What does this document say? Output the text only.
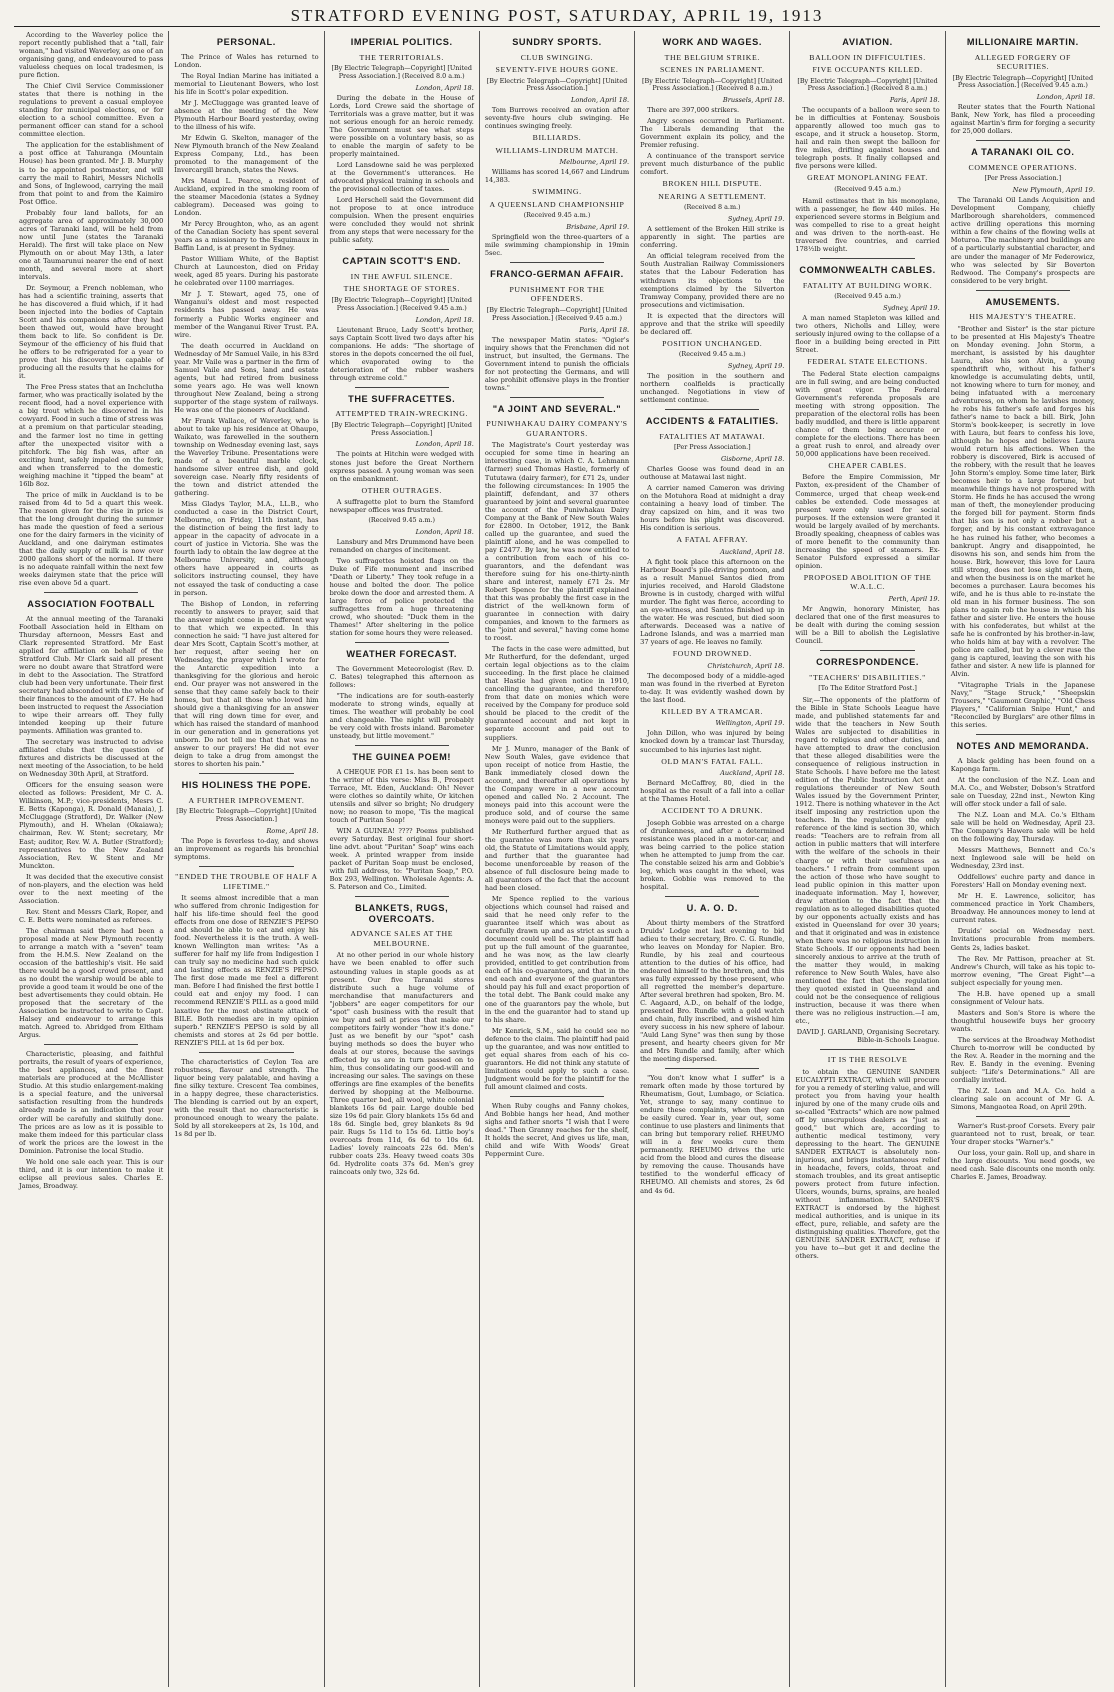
STRATFORD EVENING POST, SATURDAY, APRIL 19, 1913

According to the Waverley police the report recently published that a "tall, fair woman," had visited Waverley, as one of an organising gang, and endeavoured to pass valueless cheques on local tradesmen, is pure fiction.

The Chief Civil Service Commissioner states that there is nothing in the regulations to prevent a casual employee standing for municipal elections, or for election to a school committee. Even a permanent officer can stand for a school committee election.

The application for the establishment of a post office at Tahuranga (Mountain House) has been granted. Mr J. B. Murphy is to be appointed postmaster, and will carry the mail to Rahiri, Messrs Nicholls and Sons, of Inglewood, carrying the mail from that point to and from the Kaimiro Post Office.

Probably four land ballots, for an aggregate area of approximately 30,000 acres of Taranaki land, will be held from now until June (states the Taranaki Herald). The first will take place on New Plymouth on or about May 13th, a later one at Taumarunui nearer the end of next month, and several more at short intervals.

Dr. Seymour, a French nobleman, who has had a scientific training, asserts that he has discovered a fluid which, if it had been injected into the bodies of Captain Scott and his companions after they had been thawed out, would have brought them back to life. So confident is Dr. Seymour of the efficiency of his fluid that he offers to be refrigerated for a year to prove that his discovery is capable of producing all the results that he claims for it.

The Free Press states that an Inchclutha farmer, who was practically isolated by the recent flood, had a novel experience with a big trout which he discovered in his cowyard. Food in such a time of stress was at a premium on that particular steading, and the farmer lost no time in getting after the unexpected visitor with a pitchfork. The big fish was, after an exciting hunt, safely impaled on the fork, and when transferred to the domestic weighing machine it "tipped the beam" at 16lb 8oz.

The price of milk in Auckland is to be raised from 4d to 5d a quart this week. The reason given for the rise in price is that the long drought during the summer has made the question of feed a serious one for the dairy farmers in the vicinity of Auckland, and one dairyman estimates that the daily supply of milk is now over 2000 gallons short of the normal. If there is no adequate rainfall within the next few weeks dairymen state that the price will rise even above 5d a quart.

ASSOCIATION FOOTBALL

At the annual meeting of the Taranaki Football Association held in Eltham on Thursday afternoon, Messrs East and Clark represented Stratford. Mr East applied for affiliation on behalf of the Stratford Club. Mr Clark said all present were no doubt aware that Stratford were in debt to the Association. The Stratford club had been very unfortunate. Their first secretary had absconded with the whole of their finances to the amount of £7. He had been instructed to request the Association to wipe their arrears off. They fully intended keeping up their future payments. Affiliation was granted to.

The secretary was instructed to advise affiliated clubs that the question of fixtures and districts be discussed at the next meeting of the Association, to be held on Wednesday 30th April, at Stratford.

Officers for the ensuing season were elected as follows: President, Mr C. A. Wilkinson, M.P.; vice-presidents, Mesrs C. E. Betts (Kaponga), R. Donald (Manaia), J. McCluggage (Stratford), Dr. Walker (New Plymouth), and H. Whelan (Okaiawa); chairman, Rev. W. Stent; secretary, Mr East; auditor, Rev. W. A. Butler (Stratford); representatives to the New Zealand Association, Rev. W. Stent and Mr Munckton.

It was decided that the executive consist of non-players, and the election was held over to the next meeting of the Association.

Rev. Stent and Messrs Clark, Roper, and C. E. Betts were nominated as referees.

The chairman said there had been a proposal made at New Plymouth recently to arrange a match with a "seven" team from the H.M.S. New Zealand on the occasion of the battleship's visit. He said there would be a good crowd present, and as no doubt the warship would be able to provide a good team it would be one of the best advertisements they could obtain. He proposed that the secretary of the Association be instructed to write to Capt. Halsey and endeavour to arrange this match. Agreed to. Abridged from Eltham Argus.

Characteristic, pleasing, and faithful portraits, the result of years of experience, the best appliances, and the finest materials are produced at the McAllister Studio. At this studio enlargement-making is a special feature, and the universal satisfaction resulting from the hundreds already made is an indication that your order will be carefully and skilfully done. The prices are as low as it is possible to make them indeed for this particular class of work the prices are the lowest in the Dominion. Patronise the local Studio.

We hold one sale each year. This is our third, and it is our intention to make it eclipse all previous sales. Charles E. James, Broadway.

PERSONAL.

The Prince of Wales has returned to London.

The Royal Indian Marine has initiated a memorial to Lieutenant Bowers, who lost his life in Scott's polar expedition.

Mr J. McCluggage was granted leave of absence at the meeting of the New Plymouth Harbour Board yesterday, owing to the illness of his wife.

Mr Edwin G. Skelton, manager of the New Plymouth branch of the New Zealand Express Company, Ltd., has been promoted to the management of the Invercargill branch, states the News.

Mrs Maud L. Pearce, a resident of Auckland, expired in the smoking room of the steamer Macedonia (states a Sydney cablegram). Deceased was going to London.

Mr Percy Broughton, who, as an agent of the Canadian Society has spent several years as a missionary to the Esquimaux in Baffin Land, is at present in Sydney.

Pastor William White, of the Baptist Church at Launceston, died on Friday week, aged 85 years. During his pastorate he celebrated over 1100 marriages.

Mr J. T. Stewart, aged 75, one of Wanganui's oldest and most respected residents has passed away. He was formerly a Public Works engineer and member of the Wanganui River Trust. P.A. wire.

The death occurred in Auckland on Wednesday of Mr Samuel Vaile, in his 83rd year. Mr Vaile was a partner in the firm of Samuel Vaile and Sons, land and estate agents, but had retired from business some years ago. He was well known throughout New Zealand, being a strong supporter of the stage system of railways. He was one of the pioneers of Auckland.

Mr Frank Wallace, of Waverley, who is about to take up his residence at Ohaupo, Waikato, was farewelled in the southern township on Wednesday evening last, says the Waverley Tribune. Presentations were made of a beautiful marble clock, handsome silver entree dish, and gold sovereign case. Nearly fifty residents of the town and district attended the gathering.

Miss Gladys Taylor, M.A., LL.B., who conducted a case in the District Court, Melbourne, on Friday, 11th instant, has the distinction of being the first lady to appear in the capacity of advocate in a court of justice in Victoria. She was the fourth lady to obtain the law degree at the Melbourne University, and, although others have appeared in courts as solicitors instructing counsel, they have not essayed the task of conducting a case in person.

The Bishop of London, in referring recently to answers to prayer, said that the answer might come in a different way to that which we expected. In this connection he said: "I have just altered for dear Mrs Scott, Captain Scott's mother, at her request, after seeing her on Wednesday, the prayer which I wrote for the Antarctic expedition into a thanksgiving for the glorious and heroic end. Our prayer was not answered in the sense that they came safely back to their homes, but that all those who loved him should give a thanksgiving for an answer that will ring down time for ever, and which has raised the standard of manhood in our generation and in generations yet unborn. Do not tell me that that was no answer to our prayers! He did not ever deign to take a drug from amongst the stores to shorten his pain."

HIS HOLINESS THE POPE.
A FURTHER IMPROVEMENT.
[By Electric Telegraph—Copyright] [United Press Association.]
Rome, April 18.

The Pope is feverless to-day, and shows an improvement as regards his bronchial symptoms.

"ENDED THE TROUBLE OF HALF A LIFETIME."

It seems almost incredible that a man who suffered from chronic Indigestion for half his life-time should feel the good effects from one dose of RENZIE'S PEPSO and should be able to eat and enjoy his food. Nevertheless it is the truth. A well-known Wellington man writes: "As a sufferer for half my life from Indigestion I can truly say no medicine had such quick and lasting effects as RENZIE'S PEPSO. The first dose made me feel a different man. Before I had finished the first bottle I could eat and enjoy my food. I can recommend RENZIE'S PILL as a good mild laxative for the most obstinate attack of BILE. Both remedies are in my opinion superb." RENZIE'S PEPSO is sold by all chemists and stores at 2s 6d per bottle. RENZIE'S PILL at 1s 6d per box.

The characteristics of Ceylon Tea are robustness, flavour and strength. The liquor being very palatable, and having a fine silky texture. Crescent Tea combines, in a happy degree, these characteristics. The blending is carried out by an expert, with the result that no characteristic is pronounced enough to weary the palate. Sold by all storekeepers at 2s, 1s 10d, and 1s 8d per lb.

IMPERIAL POLITICS.
THE TERRITORIALS.
[By Electric Telegraph—Copyright] [United Press Association.] (Received 8.0 a.m.)
London, April 18.

During the debate in the House of Lords, Lord Crewe said the shortage of Territorials was a grave matter, but it was not serious enough for an heroic remedy. The Government must see what steps were possible on a voluntary basis, so as to enable the margin of safety to be properly maintained.

Lord Lansdowne said he was perplexed at the Government's utterances. He advocated physical training in schools and the provisional collection of taxes.

Lord Herschell said the Government did not propose to at once introduce compulsion. When the present enquiries were concluded they would not shrink from any steps that were necessary for the public safety.

CAPTAIN SCOTT'S END.
IN THE AWFUL SILENCE.
THE SHORTAGE OF STORES.
[By Electric Telegraph—Copyright] [United Press Association.] (Received 9.45 a.m.)
London, April 18.

Lieutenant Bruce, Lady Scott's brother, says Captain Scott lived two days after his companions. He adds: "The shortage of stores in the depots concerned the oil fuel, which evaporated owing to the deterioration of the rubber washers through extreme cold."

THE SUFFRACETTES.
ATTEMPTED TRAIN-WRECKING.
[By Electric Telegraph—Copyright] [United Press Association.]
London, April 18.

The points at Hitchin were wedged with stones just before the Great Northern express passed. A young woman was seen on the embankment.

OTHER OUTRAGES.

A suffragette plot to burn the Stamford newspaper offices was frustrated.

(Received 9.45 a.m.)
London, April 18.

Lansbury and Mrs Drummond have been remanded on charges of incitement.

Two suffragettes hoisted flags on the Duke of Fife monument and inscribed "Death or Liberty." They took refuge in a house and bolted the door. The police broke down the door and arrested them. A large force of police protected the suffragettes from a huge threatening crowd, who shouted: "Duck them in the Thames!" After sheltering in the police station for some hours they were released.

WEATHER FORECAST.

The Government Meteorologist (Rev. D. C. Bates) telegraphed this afternoon as follows:

"The indications are for south-easterly moderate to strong winds, equally at times. The weather will probably be cool and changeable. The night will probably be very cold with frosts inland. Barometer unsteady, but little movement."

THE GUINEA POEM!

A CHEQUE FOR £1 1s. has been sent to the writer of this verse: Miss B., Prospect Terrace, Mt. Eden, Auckland: Oh! Never were clothes so daintily white, Or kitchen utensils and silver so bright; No drudgery now; no reason to mope, 'Tis the magical touch of Puritan Soap!

WIN A GUINEA! ???? Poems published every Saturday. Best original four short-line advt. about "Puritan" Soap" wins each week. A printed wrapper from inside packet of Puritan Soap must be enclosed, with full address, to: "Puritan Soap," P.O. Box 293, Wellington. Wholesale Agents: A. S. Paterson and Co., Limited.

BLANKETS, RUGS, OVERCOATS.
ADVANCE SALES AT THE MELBOURNE.

At no other period in our whole history have we been enabled to offer such astounding values in staple goods as at present. Our five Taranaki stores distribute such a huge volume of merchandise that manufacturers and "jobbers" are eager competitors for our "spot" cash business with the result that we buy and sell at prices that make our competitors fairly wonder "how it's done." Just as we benefit by our "spot" cash buying methods so does the buyer who deals at our stores, because the savings effected by us are in turn passed on to him, thus consolidating our good-will and increasing our sales. The savings on these offerings are fine examples of the benefits derived by shopping at the Melbourne. Three quarter bed, all wool, white colonial blankets 16s 6d pair. Large double bed size 19s 6d pair. Glory blankets 15s 6d and 18s 6d. Single bed, grey blankets 8s 9d pair. Rugs 5s 11d to 15s 6d. Little boy's overcoats from 11d, 6s 6d to 10s 6d. Ladies' lovely raincoats 22s 6d. Men's rubber coats 23s. Heavy tweed coats 30s 6d. Hydrolite coats 37s 6d. Men's grey raincoats only two, 32s 6d.

SUNDRY SPORTS.
CLUB SWINGING.
SEVENTY-FIVE HOURS GONE.
[By Electric Telegraph—Copyright] [United Press Association.]
London, April 18.

Tom Burrows received an ovation after seventy-five hours club swinging. He continues swinging freely.

BILLIARDS.
WILLIAMS-LINDRUM MATCH.
Melbourne, April 19.

Williams has scored 14,667 and Lindrum 14,383.

SWIMMING.
A QUEENSLAND CHAMPIONSHIP
(Received 9.45 a.m.)
Brisbane, April 19.

Springfield won the three-quarters of a mile swimming championship in 19min 5sec.

FRANCO-GERMAN AFFAIR.
PUNISHMENT FOR THE OFFENDERS.
[By Electric Telegraph—Copyright] [United Press Association.] (Received 9.45 a.m.)
Paris, April 18.

The newspaper Matin states: "Ogier's inquiry shows that the Frenchmen did not instruct, but insulted, the Germans. The Government intend to punish the officials for not protecting the Germans, and will also prohibit offensive plays in the frontier towns."

"A JOINT AND SEVERAL."
PUNIWHAKAU DAIRY COMPANY'S GUARANTORS.

The Magistrate's Court yesterday was occupied for some time in hearing an interesting case, in which C. A. Lehmann (farmer) sued Thomas Hastie, formerly of Tututawa (dairy farmer), for £71 2s, under the following circumstances: In 1905 the plaintiff, defendant, and 37 others guaranteed by joint and several guarantee the account of the Puniwhakau Dairy Company at the Bank of New South Wales for £2800. In October, 1912, the Bank called up the guarantee, and sued the plaintiff alone, and he was compelled to pay £2477. By law, he was now entitled to a contribution from each of his co-guarantors, and the defendant was therefore suing for his one-thirty-ninth share and interest, namely £71 2s. Mr Robert Spence for the plaintiff explained that this was probably the first case in the district of the well-known form of guarantee in connection with dairy companies, and known to the farmers as the "joint and several," having come home to roost.

The facts in the case were admitted, but Mr Rutherfurd, for the defendant, urged certain legal objections as to the claim succeeding. In the first place he claimed that Hastie had given notice in 1910, cancelling the guarantee, and therefore from that date on monies which were received by the Company for produce sold should be placed to the credit of the guaranteed account and not kept in separate account and paid out to suppliers.

Mr J. Munro, manager of the Bank of New South Wales, gave evidence that upon receipt of notice from Hastie, the Bank immediately closed down the account, and thereafter all operations by the Company were in a new account opened and called No. 2 Account. The moneys paid into this account were the produce sold, and of course the same moneys were paid out to the suppliers.

Mr Rutherfurd further argued that as the guarantee was more than six years old, the Statute of Limitations would apply, and further that the guarantee had become unenforceable by reason of the absence of full disclosure being made to all guarantors of the fact that the account had been closed.

Mr Spence replied to the various objections which counsel had raised and said that he need only refer to the guarantee itself which was about as carefully drawn up and as strict as such a document could well be. The plaintiff had put up the full amount of the guarantee, and he was now, as the law clearly provided, entitled to get contribution from each of his co-guarantors, and that in the end each and everyone of the guarantors should pay his full and exact proportion of the total debt. The Bank could make any one of the guarantors pay the whole, but in the end the guarantor had to stand up to his share.

Mr Kenrick, S.M., said he could see no defence to the claim. The plaintiff had paid up the guarantee, and was now entitled to get equal shares from each of his co-guarantors. He did not think any statute of limitations could apply to such a case. Judgment would be for the plaintiff for the full amount claimed and costs.

When Ruby coughs and Fanny chokes, And Bobbie hangs her head, And mother sighs and father snorts "I wish that I were dead." Then Granny reaches for the shelf, It holds the secret, And gives us life, man, child and wife With Woods' Great Peppermint Cure.

WORK AND WAGES.
THE BELGIUM STRIKE.
SCENES IN PARLIAMENT.
[By Electric Telegraph—Copyright] [United Press Association.] (Received 8 a.m.)
Brussels, April 18.

There are 397,000 strikers.

Angry scenes occurred in Parliament. The Liberals demanding that the Government explain its policy, and the Premier refusing.

A continuance of the transport service prevent much disturbance of the public comfort.

BROKEN HILL DISPUTE.
NEARING A SETTLEMENT.
(Received 8 a.m.)
Sydney, April 19.

A settlement of the Broken Hill strike is apparently in sight. The parties are conferring.

An official telegram received from the South Australian Railway Commissioners states that the Labour Federation has withdrawn its objections to the exemptions claimed by the Silverton Tramway Company, provided there are no prosecutions and victimisation.

It is expected that the directors will approve and that the strike will speedily be declared off.

POSITION UNCHANGED.
(Received 9.45 a.m.)
Sydney, April 19.

The position in the southern and northern coalfields is practically unchanged. Negotiations in view of settlement continue.

ACCIDENTS & FATALITIES.
FATALITIES AT MATAWAI.
[Per Press Association.]
Gisborne, April 18.

Charles Goose was found dead in an outhouse at Matawai last night.

A carrier named Cameron was driving on the Motuhora Road at midnight a dray containing a heavy load of timber. The dray capsized on him, and it was two hours before his plight was discovered. His condition is serious.

A FATAL AFFRAY.
Auckland, April 18.

A fight took place this afternoon on the Harbour Board's pile-driving pontoon, and as a result Manuel Santos died from injuries received, and Harold Gladstone Browne is in custody, charged with wilful murder. The fight was fierce, according to an eye-witness, and Santos finished up in the water. He was rescued, but died soon afterwards. Deceased was a native of Ladrone Islands, and was a married man 37 years of age. He leaves no family.

FOUND DROWNED.
Christchurch, April 18.

The decomposed body of a middle-aged man was found in the riverbed at Eyreton to-day. It was evidently washed down by the last flood.

KILLED BY A TRAMCAR.
Wellington, April 19.

John Dillon, who was injured by being knocked down by a tramcar last Thursday, succumbed to his injuries last night.

OLD MAN'S FATAL FALL.
Auckland, April 18.

Bernard McCaffrey, 80, died in the hospital as the result of a fall into a cellar at the Thames Hotel.

ACCIDENT TO A DRUNK.

Joseph Gobbie was arrested on a charge of drunkenness, and after a determined resistance was placed in a motor-car, and was being carried to the police station when he attempted to jump from the car. The constable seized his arm and Gobbie's leg, which was caught in the wheel, was broken. Gobbie was removed to the hospital.

U. A. O. D.

About thirty members of the Stratford Druids' Lodge met last evening to bid adieu to their secretary, Bro. C. G. Rundle, who leaves on Monday for Napier. Bro. Rundle, by his zeal and courteous attention to the duties of his office, had endeared himself to the brethren, and this was fully expressed by those present, who all regretted the member's departure. After several brethren had spoken, Bro. M. C. Aagaard, A.D., on behalf of the lodge, presented Bro. Rundle with a gold watch and chain, fully inscribed, and wished him every success in his new sphere of labour. "Auld Lang Syne" was then sung by those present, and hearty cheers given for Mr and Mrs Rundle and family, after which the meeting dispersed.

"You don't know what I suffer" is a remark often made by those tortured by Rheumatism, Gout, Lumbago, or Sciatica. Yet, strange to say, many continue to endure these complaints, when they can be easily cured. Year in, year out, some continue to use plasters and liniments that can bring but temporary relief. RHEUMO will in a few weeks cure them permanently. RHEUMO drives the uric acid from the blood and cures the disease by removing the cause. Thousands have testified to the wonderful efficacy of RHEUMO. All chemists and stores, 2s 6d and 4s 6d.

AVIATION.
BALLOON IN DIFFICULTIES.
FIVE OCCUPANTS KILLED.
[By Electric Telegraph—Copyright] [United Press Association.] (Received 8 a.m.)
Paris, April 18.

The occupants of a balloon were seen to be in difficulties at Fontenay. Sousbois apparently allowed too much gas to escape, and it struck a housetop. Storm, hail and rain then swept the balloon for five miles, drifting against houses and telegraph posts. It finally collapsed and five persons were killed.

GREAT MONOPLANING FEAT.
(Received 9.45 a.m.)

Hamil estimates that in his monoplane, with a passenger, he flew 440 miles. He experienced severe storms in Belgium and was compelled to rise to a great height and was driven to the north-east. He traversed five countries, and carried 178½lb weight.

COMMONWEALTH CABLES.
FATALITY AT BUILDING WORK.
(Received 9.45 a.m.)
Sydney, April 19.

A man named Stapleton was killed and two others, Nicholls and Lilley, were seriously injured owing to the collapse of a floor in a building being erected in Pitt Street.

FEDERAL STATE ELECTIONS.

The Federal State election campaigns are in full swing, and are being conducted with great vigor. The Federal Government's referenda proposals are meeting with strong opposition. The preparation of the electoral rolls has been badly muddled, and there is little apparent chance of them being accurate or complete for the elections. There has been a great rush to enrol, and already over 50,000 applications have been received.

CHEAPER CABLES.

Before the Empire Commission, Mr Paxton, ex-president of the Chamber of Commerce, urged that cheap week-end cables be extended. Code messages at present were only used for social purposes. If the extension were granted it would be largely availed of by merchants. Broadly speaking, cheapness of cables was of more benefit to the community than increasing the speed of steamers. Ex-Senator Pulsford expressed a similar opinion.

PROPOSED ABOLITION OF THE W.A.L.C.
Perth, April 19.

Mr Angwin, honorary Minister, has declared that one of the first measures to be dealt with during the coming session will be a Bill to abolish the Legislative Council.

CORRESPONDENCE.
"TEACHERS' DISABILITIES."
[To The Editor Stratford Post.]

Sir,—The opponents of the platform of the Bible in State Schools League have made, and published statements far and wide that the teachers in New South Wales are subjected to disabilities in regard to religious and other duties, and have attempted to draw the conclusion that these alleged disabilities were the consequence of religious instruction in State Schools. I have before me the latest edition of the Public Instruction Act and regulations thereunder of New South Wales issued by the Government Printer, 1912. There is nothing whatever in the Act itself imposing any restriction upon the teachers. In the regulations the only reference of the kind is section 30, which reads: "Teachers are to refrain from all action in public matters that will interfere with the welfare of the schools in their charge or with their usefulness as teachers." I refrain from comment upon the action of those who have sought to lead public opinion in this matter upon inadequate information. May I, however, draw attention to the fact that the regulation as to alleged disabilities quoted by our opponents actually exists and has existed in Queensland for over 30 years; and that it originated and was in existence when there was no religious instruction in State Schools. If our opponents had been sincerely anxious to arrive at the truth of the matter they would, in making reference to New South Wales, have also mentioned the fact that the regulation they quoted existed in Queensland and could not be the consequence of religious instruction, because it was there when there was no religious instruction.—I am, etc.,

DAVID J. GARLAND, Organising Secretary. Bible-in-Schools League.
IT IS THE RESOLVE

to obtain the GENUINE SANDER EUCALYPTI EXTRACT, which will procure for you a remedy of sterling value, and will protect you from having your health injured by one of the many crude oils and so-called "Extracts" which are now palmed off by unscrupulous dealers as "just as good," but which are, according to authentic medical testimony, very depressing to the heart. The GENUINE SANDER EXTRACT is absolutely non-injurious, and brings instantaneous relief in headache, fevers, colds, throat and stomach troubles, and its great antiseptic powers protect from future infection. Ulcers, wounds, burns, sprains, are healed without inflammation. SANDER'S EXTRACT is endorsed by the highest medical authorities, and is unique in its effect, pure, reliable, and safety are the distinguishing qualities. Therefore, get the GENUINE SANDER EXTRACT, refuse if you have to—but get it and decline the others.

MILLIONAIRE MARTIN.
ALLEGED FORGERY OF SECURITIES.
[By Electric Telegraph—Copyright] [United Press Association.] (Received 9.45 a.m.)
London, April 18.

Reuter states that the Fourth National Bank, New York, has filed a proceeding against Martin's firm for forging a security for 25,000 dollars.

A TARANAKI OIL CO.
COMMENCE OPERATIONS.
[Per Press Association.]
New Plymouth, April 19.

The Taranaki Oil Lands Acquisition and Development Company, chiefly Marlborough shareholders, commenced active drilling operations this morning within a few chains of the flowing wells at Moturoa. The machinery and buildings are of a particularly substantial character, and are under the manager of Mr Federowicz, who was selected by Sir Boverton Redwood. The Company's prospects are considered to be very bright.

AMUSEMENTS.
HIS MAJESTY'S THEATRE.

"Brother and Sister" is the star picture to be presented at His Majesty's Theatre on Monday evening. John Storm, a merchant, is assisted by his daughter Laura, also his son Alvin, a young spendthrift who, without his father's knowledge is accumulating debts, until, not knowing where to turn for money, and being infatuated with a mercenary adventuress, on whom he lavishes money, he robs his father's safe and forges his father's name to back a bill. Birk, John Storm's book-keeper, is secretly in love with Laura, but fears to confess his love, although he hopes and believes Laura would return his affections. When the robbery is discovered, Birk is accused of the robbery, with the result that he leaves John Storm's employ. Some time later, Birk becomes heir to a large fortune, but meanwhile things have not prospered with Storm. He finds he has accused the wrong man of theft, the moneylender producing the forged bill for payment. Storm finds that his son is not only a robber but a forger, and by his constant extravagance he has ruined his father, who becomes a bankrupt. Angry and disappointed, he disowns his son, and sends him from the house. Birk, however, this love for Laura still strong, does not lose sight of them, and when the business is on the market he becomes a purchaser. Laura becomes his wife, and he is thus able to re-instate the old man in his former business. The son plans to again rob the house in which his father and sister live. He enters the house with his confederates, but whilst at the safe he is confronted by his brother-in-law, who holds him at bay with a revolver. The police are called, but by a clever ruse the gang is captured, leaving the son with his father and sister. A new life is planned for Alvin.

"Vitagraphe Trials in the Japanese Navy," "Stage Struck," "Sheepskin Trousers," "Gaumont Graphic," "Old Chess Players," "Californian Snipe Hunt," and "Reconciled by Burglars" are other films in this series.

NOTES AND MEMORANDA.

A black gelding has been found on a Kaponga farm.

At the conclusion of the N.Z. Loan and M.A. Co., and Webster, Dobson's Stratford sale on Tuesday, 22nd inst., Newton King will offer stock under a fall of sale.

The N.Z. Loan and M.A. Co.'s Eltham sale will be held on Wednesday, April 23. The Company's Hawera sale will be held on the following day, Thursday.

Messrs Matthews, Bennett and Co.'s next Inglewood sale will be held on Wednesday, 23rd inst.

Oddfellows' euchre party and dance in Foresters' Hall on Monday evening next.

Mr H. E. Lawrence, solicitor, has commenced practice in York Chambers, Broadway. He announces money to lend at current rates.

Druids' social on Wednesday next. Invitations procurable from members. Gents 2s, ladies basket.

The Rev. Mr Pattison, preacher at St. Andrew's Church, will take as his topic to-morrow evening, "The Great Fight"—a subject especially for young men.

The H.B. have opened up a small consignment of Velour hats.

Masters and Son's Store is where the thoughtful housewife buys her grocery wants.

The services at the Broadway Methodist Church to-morrow will be conducted by the Rev. A. Reader in the morning and the Rev. E. Bandy in the evening. Evening subject: "Life's Determinations." All are cordially invited.

The N.Z. Loan and M.A. Co. hold a clearing sale on account of Mr G. A. Simons, Mangaotea Road, on April 29th.

Warner's Rust-proof Corsets. Every pair guaranteed not to rust, break, or tear. Your draper stocks "Warner's."

Our loss, your gain. Roll up, and share in the large discounts. You need goods, we need cash. Sale discounts one month only. Charles E. James, Broadway.
